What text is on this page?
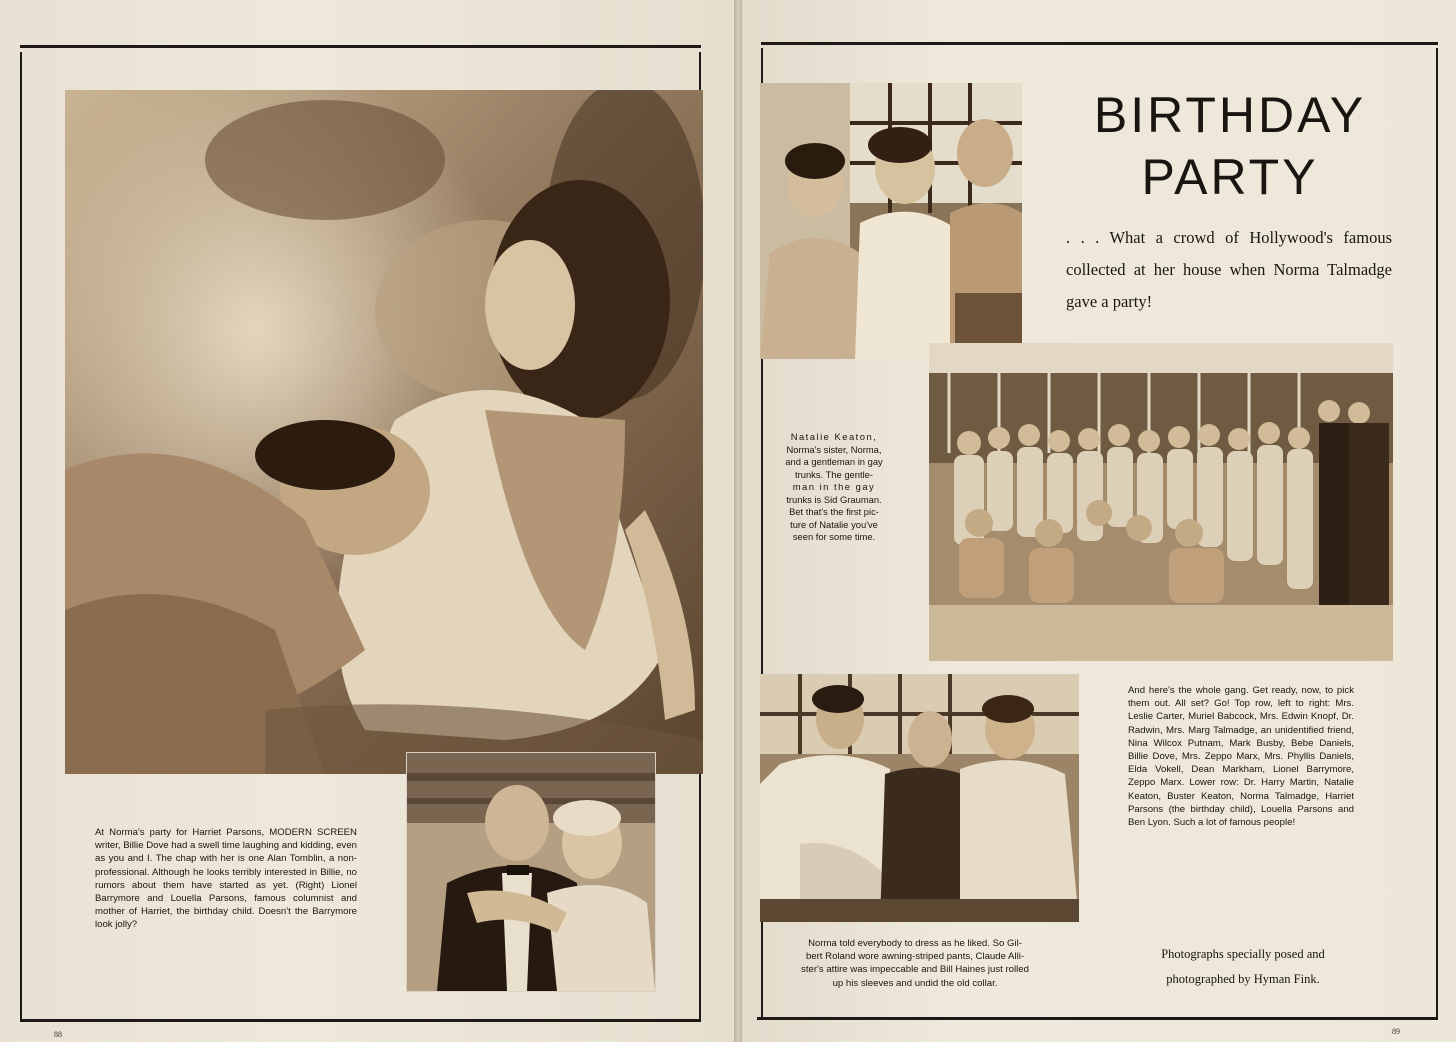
At Norma's party for Harriet Parsons, MODERN SCREEN writer, Billie Dove had a swell time laughing and kidding, even as you and I. The chap with her is one Alan Tomblin, a non-professional. Although he looks terribly interested in Billie, no rumors about them have started as yet. (Right) Lionel Barrymore and Louella Parsons, famous columnist and mother of Harriet, the birthday child. Doesn't the Barrymore look jolly?

BIRTHDAY
PARTY

. . . What a crowd of Hollywood's famous collected at her house when Norma Talmadge gave a party!

Natalie Keaton,
Norma's sister, Norma,
and a gentleman in gay
trunks. The gentle-
man in the gay
trunks is Sid Grauman.
Bet that's the first pic-
ture of Natalie you've
seen for some time.

And here's the whole gang. Get ready, now, to pick them out. All set? Go! Top row, left to right: Mrs. Leslie Carter, Muriel Babcock, Mrs. Edwin Knopf, Dr. Radwin, Mrs. Marg Talmadge, an unidentified friend, Nina Wilcox Putnam, Mark Busby, Bebe Daniels, Billie Dove, Mrs. Zeppo Marx, Mrs. Phyllis Daniels, Elda Vokell, Dean Markham, Lionel Barrymore, Zeppo Marx. Lower row: Dr. Harry Martin, Natalie Keaton, Buster Keaton, Norma Talmadge, Harriet Parsons (the birthday child), Louella Parsons and Ben Lyon. Such a lot of famous people!

Norma told everybody to dress as he liked. So Gil-
bert Roland wore awning-striped pants, Claude Alli-
ster's attire was impeccable and Bill Haines just rolled
up his sleeves and undid the old collar.

Photographs specially posed and
photographed by Hyman Fink.

88	89
